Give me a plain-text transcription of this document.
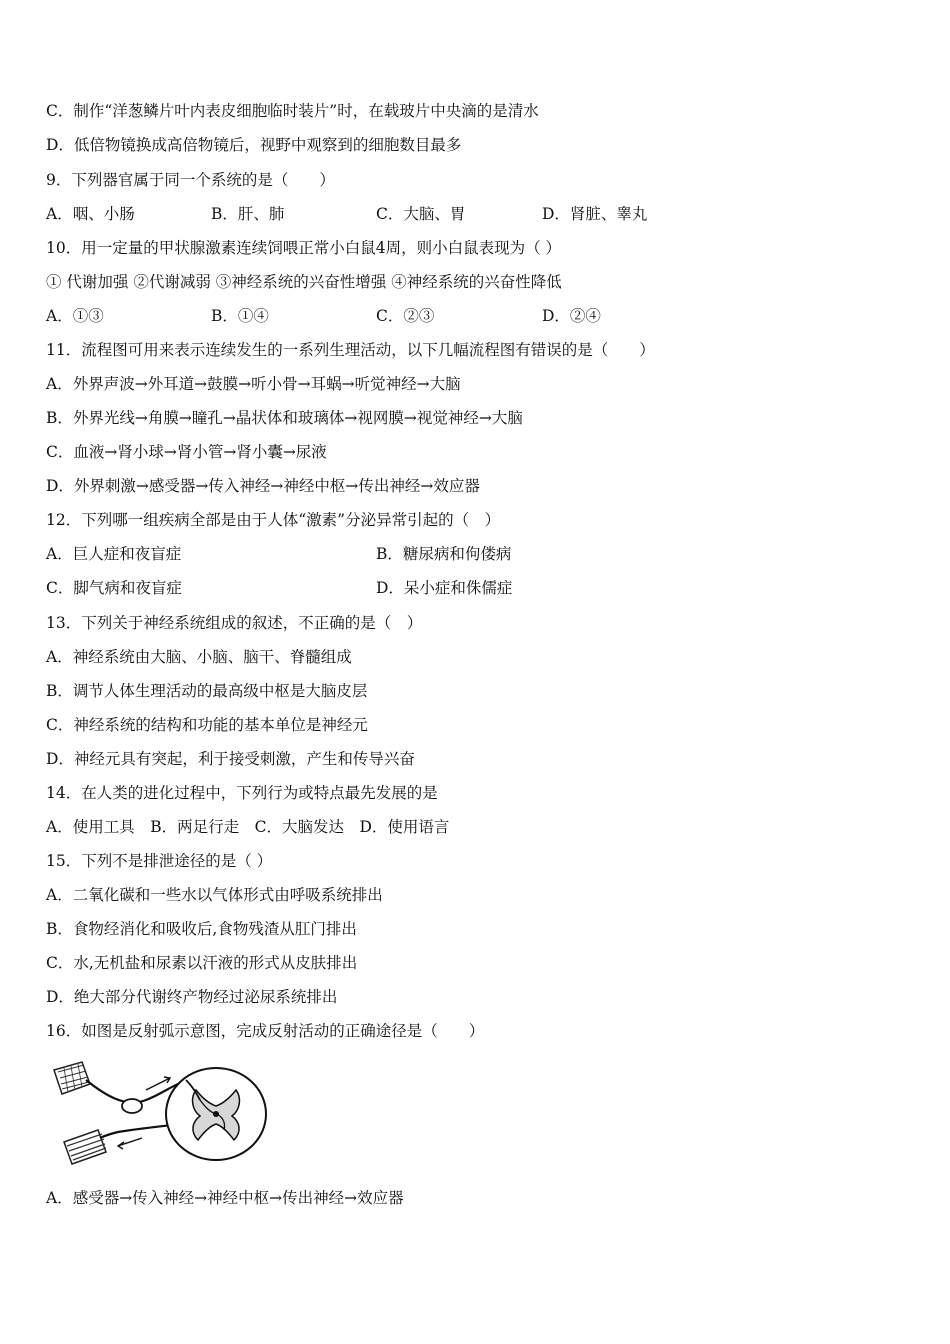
C．制作“洋葱鳞片叶内表皮细胞临时装片”时，在载玻片中央滴的是清水
D．低倍物镜换成高倍物镜后，视野中观察到的细胞数目最多
9．下列器官属于同一个系统的是（　　）
A．咽、小肠	B．肝、肺	C．大脑、胃	D．肾脏、睾丸
10．用一定量的甲状腺激素连续饲喂正常小白鼠4周，则小白鼠表现为（ ）
① 代谢加强 ②代谢减弱 ③神经系统的兴奋性增强 ④神经系统的兴奋性降低
A．①③	B．①④	C．②③	D．②④
11．流程图可用来表示连续发生的一系列生理活动，以下几幅流程图有错误的是（　　）
A．外界声波→外耳道→鼓膜→听小骨→耳蜗→听觉神经→大脑
B．外界光线→角膜→瞳孔→晶状体和玻璃体→视网膜→视觉神经→大脑
C．血液→肾小球→肾小管→肾小囊→尿液
D．外界刺激→感受器→传入神经→神经中枢→传出神经→效应器
12．下列哪一组疾病全部是由于人体“激素”分泌异常引起的（　）
A．巨人症和夜盲症	B．糖尿病和佝偻病
C．脚气病和夜盲症	D．呆小症和侏儒症
13．下列关于神经系统组成的叙述，不正确的是（　）
A．神经系统由大脑、小脑、脑干、脊髓组成
B．调节人体生理活动的最高级中枢是大脑皮层
C．神经系统的结构和功能的基本单位是神经元
D．神经元具有突起，利于接受刺激，产生和传导兴奋
14．在人类的进化过程中，下列行为或特点最先发展的是
A．使用工具　B．两足行走　C．大脑发达　D．使用语言
15．下列不是排泄途径的是（ ）
A．二氧化碳和一些水以气体形式由呼吸系统排出
B．食物经消化和吸收后,食物残渣从肛门排出
C．水,无机盐和尿素以汗液的形式从皮肤排出
D．绝大部分代谢终产物经过泌尿系统排出
16．如图是反射弧示意图，完成反射活动的正确途径是（　　）
A．感受器→传入神经→神经中枢→传出神经→效应器
